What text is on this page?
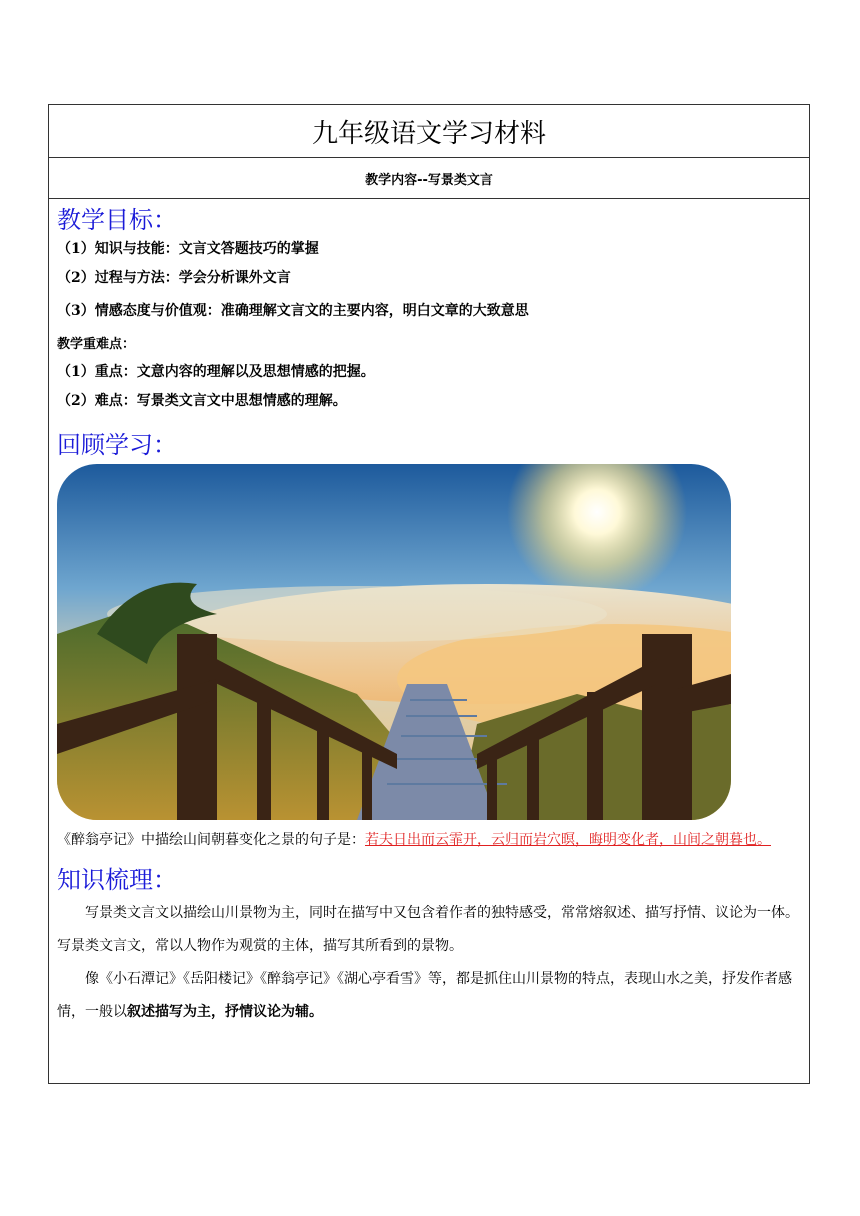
九年级语文学习材料
教学内容--写景类文言
教学目标：
（1）知识与技能：文言文答题技巧的掌握
（2）过程与方法：学会分析课外文言
（3）情感态度与价值观：准确理解文言文的主要内容，明白文章的大致意思
教学重难点：
（1）重点：文意内容的理解以及思想情感的把握。
（2）难点：写景类文言文中思想情感的理解。
回顾学习：
《醉翁亭记》中描绘山间朝暮变化之景的句子是：若夫日出而云霏开，云归而岩穴暝，晦明变化者，山间之朝暮也。
知识梳理：
写景类文言文以描绘山川景物为主，同时在描写中又包含着作者的独特感受，常常熔叙述、描写抒情、议论为一体。写景类文言文，常以人物作为观赏的主体，描写其所看到的景物。
像《小石潭记》《岳阳楼记》《醉翁亭记》《湖心亭看雪》等，都是抓住山川景物的特点，表现山水之美，抒发作者感情，一般以叙述描写为主，抒情议论为辅。
